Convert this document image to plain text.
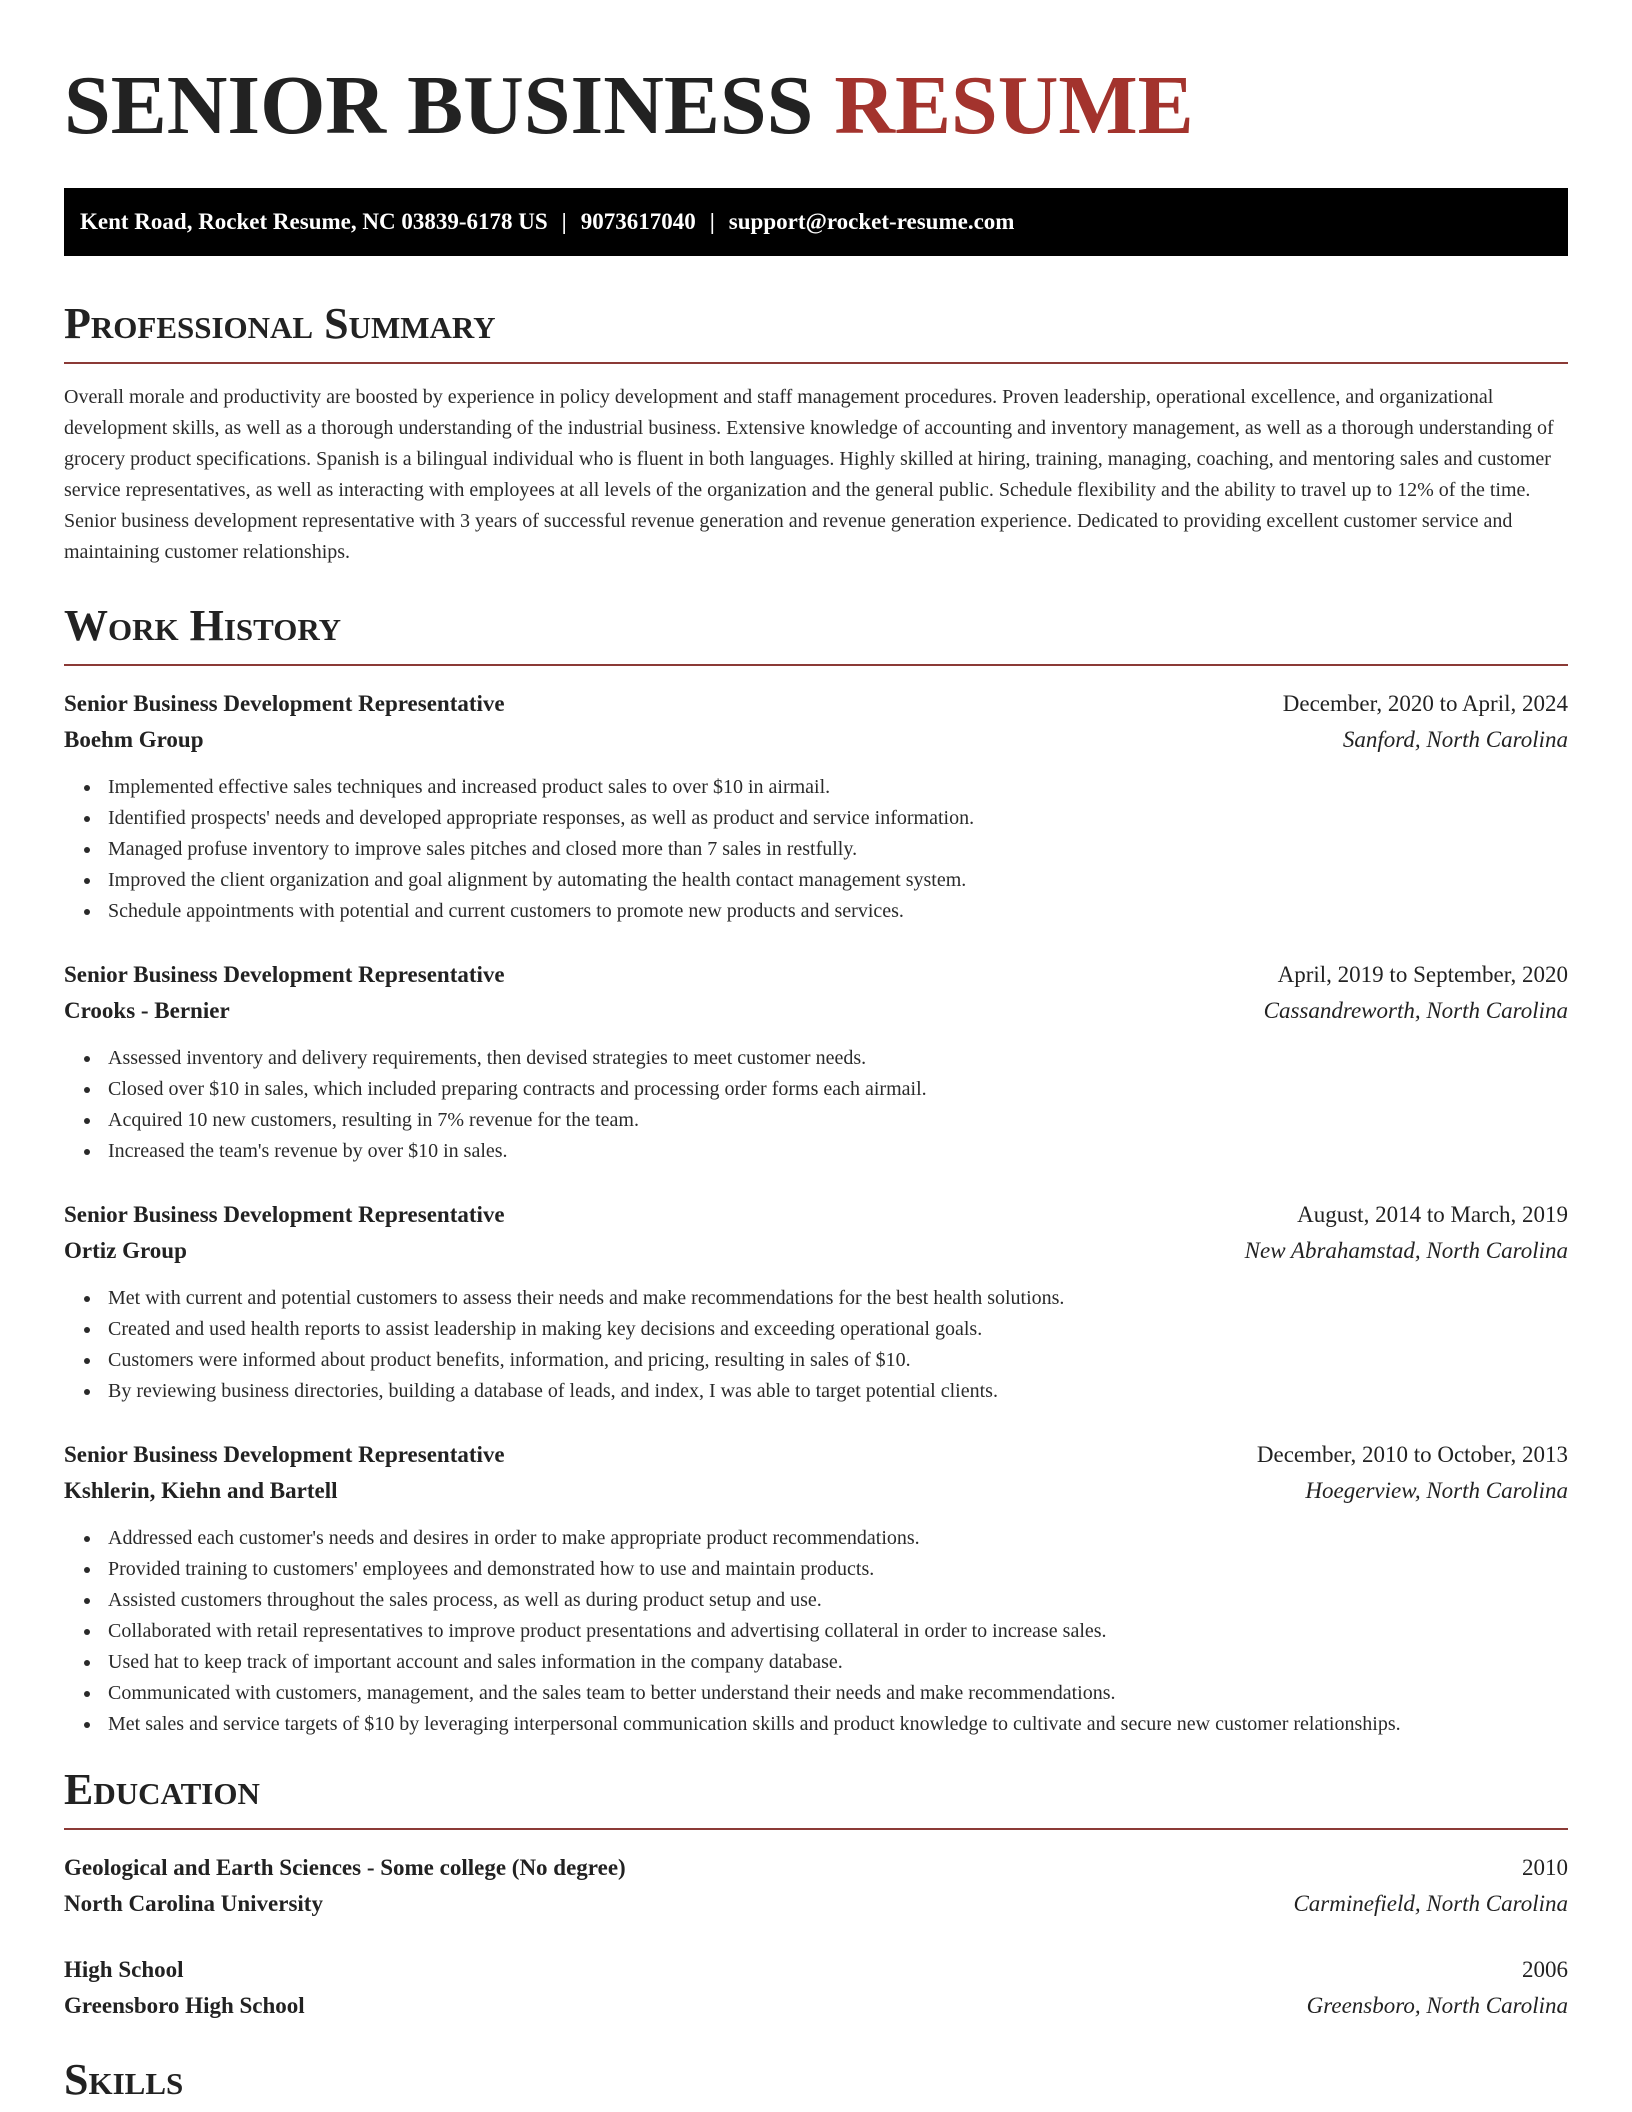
SENIOR BUSINESS RESUME
Kent Road, Rocket Resume, NC 03839-6178 US | 9073617040 | support@rocket-resume.com
Professional Summary

Overall morale and productivity are boosted by experience in policy development and staff management procedures. Proven leadership, operational excellence, and organizational development skills, as well as a thorough understanding of the industrial business. Extensive knowledge of accounting and inventory management, as well as a thorough understanding of grocery product specifications. Spanish is a bilingual individual who is fluent in both languages. Highly skilled at hiring, training, managing, coaching, and mentoring sales and customer service representatives, as well as interacting with employees at all levels of the organization and the general public. Schedule flexibility and the ability to travel up to 12% of the time. Senior business development representative with 3 years of successful revenue generation and revenue generation experience. Dedicated to providing excellent customer service and maintaining customer relationships.

Work History
Senior Business Development Representative	December, 2020 to April, 2024
Boehm Group	Sanford, North Carolina
Implemented effective sales techniques and increased product sales to over $10 in airmail.
Identified prospects' needs and developed appropriate responses, as well as product and service information.
Managed profuse inventory to improve sales pitches and closed more than 7 sales in restfully.
Improved the client organization and goal alignment by automating the health contact management system.
Schedule appointments with potential and current customers to promote new products and services.
Senior Business Development Representative	April, 2019 to September, 2020
Crooks - Bernier	Cassandreworth, North Carolina
Assessed inventory and delivery requirements, then devised strategies to meet customer needs.
Closed over $10 in sales, which included preparing contracts and processing order forms each airmail.
Acquired 10 new customers, resulting in 7% revenue for the team.
Increased the team's revenue by over $10 in sales.
Senior Business Development Representative	August, 2014 to March, 2019
Ortiz Group	New Abrahamstad, North Carolina
Met with current and potential customers to assess their needs and make recommendations for the best health solutions.
Created and used health reports to assist leadership in making key decisions and exceeding operational goals.
Customers were informed about product benefits, information, and pricing, resulting in sales of $10.
By reviewing business directories, building a database of leads, and index, I was able to target potential clients.
Senior Business Development Representative	December, 2010 to October, 2013
Kshlerin, Kiehn and Bartell	Hoegerview, North Carolina
Addressed each customer's needs and desires in order to make appropriate product recommendations.
Provided training to customers' employees and demonstrated how to use and maintain products.
Assisted customers throughout the sales process, as well as during product setup and use.
Collaborated with retail representatives to improve product presentations and advertising collateral in order to increase sales.
Used hat to keep track of important account and sales information in the company database.
Communicated with customers, management, and the sales team to better understand their needs and make recommendations.
Met sales and service targets of $10 by leveraging interpersonal communication skills and product knowledge to cultivate and secure new customer relationships.
Education
Geological and Earth Sciences - Some college (No degree)	2010
North Carolina University	Carminefield, North Carolina
High School	2006
Greensboro High School	Greensboro, North Carolina
Skills
